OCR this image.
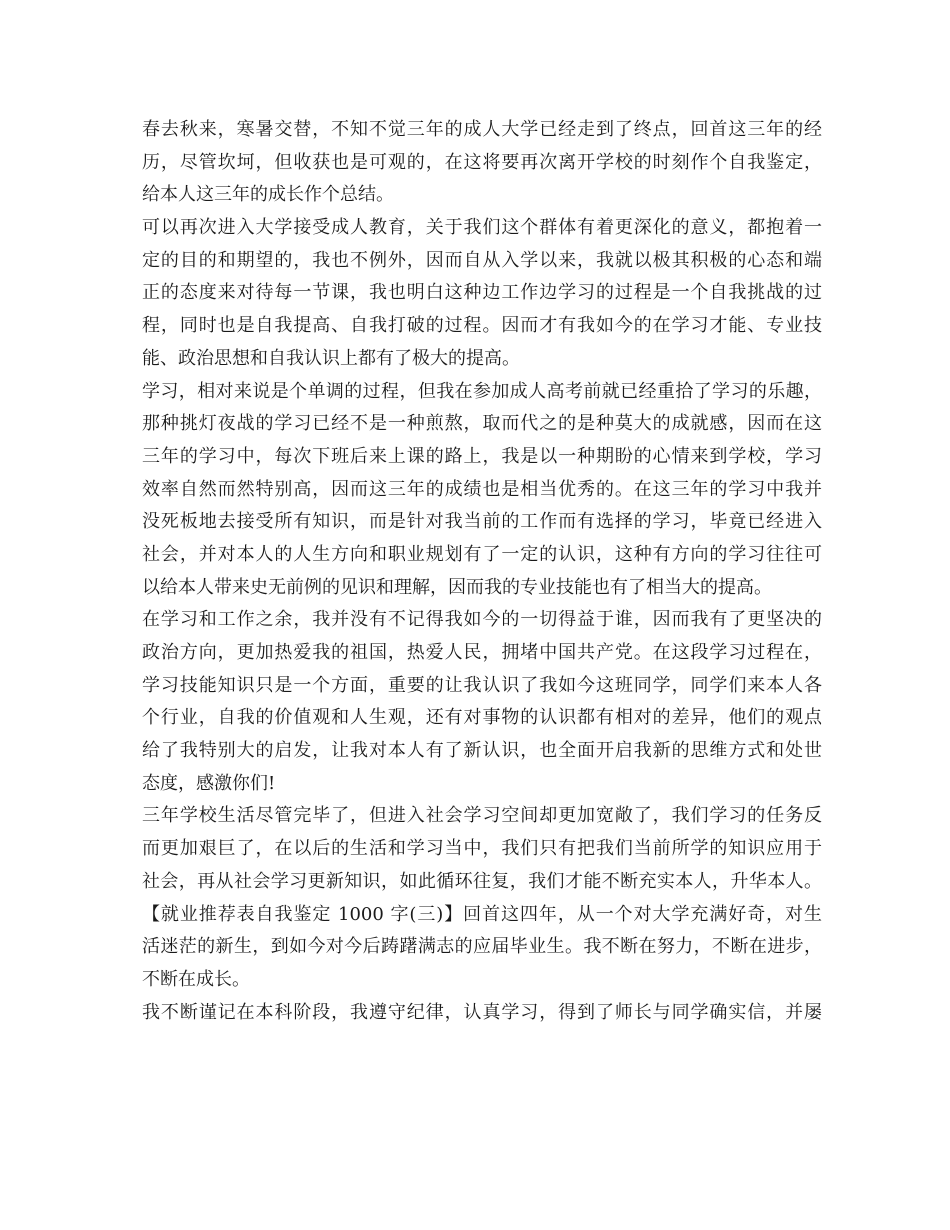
春去秋来，寒暑交替，不知不觉三年的成人大学已经走到了终点，回首这三年的经
历，尽管坎坷，但收获也是可观的，在这将要再次离开学校的时刻作个自我鉴定，
给本人这三年的成长作个总结。
可以再次进入大学接受成人教育，关于我们这个群体有着更深化的意义，都抱着一
定的目的和期望的，我也不例外，因而自从入学以来，我就以极其积极的心态和端
正的态度来对待每一节课，我也明白这种边工作边学习的过程是一个自我挑战的过
程，同时也是自我提高、自我打破的过程。因而才有我如今的在学习才能、专业技
能、政治思想和自我认识上都有了极大的提高。
学习，相对来说是个单调的过程，但我在参加成人高考前就已经重拾了学习的乐趣，
那种挑灯夜战的学习已经不是一种煎熬，取而代之的是种莫大的成就感，因而在这
三年的学习中，每次下班后来上课的路上，我是以一种期盼的心情来到学校，学习
效率自然而然特别高，因而这三年的成绩也是相当优秀的。在这三年的学习中我并
没死板地去接受所有知识，而是针对我当前的工作而有选择的学习，毕竟已经进入
社会，并对本人的人生方向和职业规划有了一定的认识，这种有方向的学习往往可
以给本人带来史无前例的见识和理解，因而我的专业技能也有了相当大的提高。
在学习和工作之余，我并没有不记得我如今的一切得益于谁，因而我有了更坚决的
政治方向，更加热爱我的祖国，热爱人民，拥堵中国共产党。在这段学习过程在，
学习技能知识只是一个方面，重要的让我认识了我如今这班同学，同学们来本人各
个行业，自我的价值观和人生观，还有对事物的认识都有相对的差异，他们的观点
给了我特别大的启发，让我对本人有了新认识，也全面开启我新的思维方式和处世
态度，感激你们!
三年学校生活尽管完毕了，但进入社会学习空间却更加宽敞了，我们学习的任务反
而更加艰巨了，在以后的生活和学习当中，我们只有把我们当前所学的知识应用于
社会，再从社会学习更新知识，如此循环往复，我们才能不断充实本人，升华本人。
【就业推荐表自我鉴定 1000 字(三)】回首这四年，从一个对大学充满好奇，对生
活迷茫的新生，到如今对今后踌躇满志的应届毕业生。我不断在努力，不断在进步，
不断在成长。
我不断谨记在本科阶段，我遵守纪律，认真学习，得到了师长与同学确实信，并屡
